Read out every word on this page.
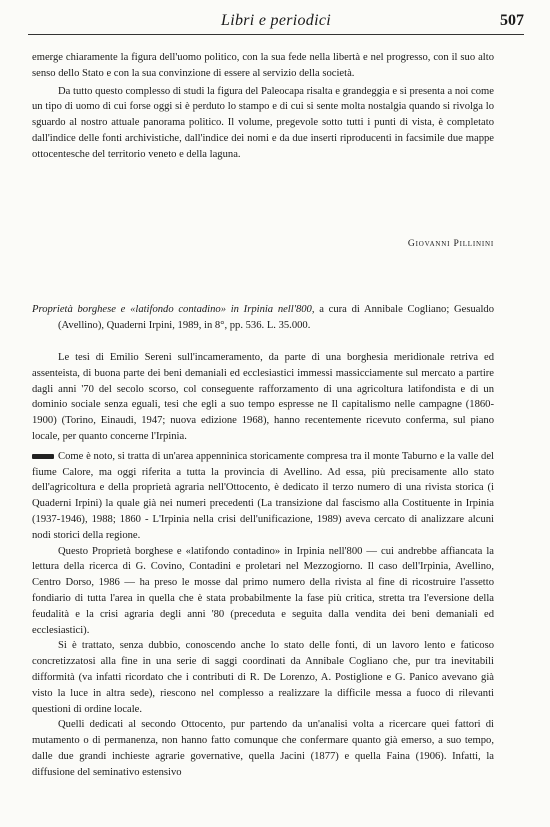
Libri e periodici	507

emerge chiaramente la figura dell'uomo politico, con la sua fede nella libertà e nel progresso, con il suo alto senso dello Stato e con la sua convinzione di essere al servizio della società.

Da tutto questo complesso di studi la figura del Paleocapa risalta e grandeggia e si presenta a noi come un tipo di uomo di cui forse oggi si è perduto lo stampo e di cui si sente molta nostalgia quando si rivolga lo sguardo al nostro attuale panorama politico. Il volume, pregevole sotto tutti i punti di vista, è completato dall'indice delle fonti archivistiche, dall'indice dei nomi e da due inserti riproducenti in facsimile due mappe ottocentesche del territorio veneto e della laguna.

Giovanni Pillinini

Proprietà borghese e «latifondo contadino» in Irpinia nell'800, a cura di Annibale Cogliano; Gesualdo (Avellino), Quaderni Irpini, 1989, in 8°, pp. 536. L. 35.000.

Le tesi di Emilio Sereni sull'incameramento, da parte di una borghesia meridionale retriva ed assenteista, di buona parte dei beni demaniali ed ecclesiastici immessi massicciamente sul mercato a partire dagli anni '70 del secolo scorso, col conseguente rafforzamento di una agricoltura latifondista e di un dominio sociale senza eguali, tesi che egli a suo tempo espresse ne Il capitalismo nelle campagne (1860-1900) (Torino, Einaudi, 1947; nuova edizione 1968), hanno recentemente ricevuto conferma, sul piano locale, per quanto concerne l'Irpinia.

Come è noto, si tratta di un'area appenninica storicamente compresa tra il monte Taburno e la valle del fiume Calore, ma oggi riferita a tutta la provincia di Avellino. Ad essa, più precisamente allo stato dell'agricoltura e della proprietà agraria nell'Ottocento, è dedicato il terzo numero di una rivista storica (i Quaderni Irpini) la quale già nei numeri precedenti (La transizione dal fascismo alla Costituente in Irpinia (1937-1946), 1988; 1860 - L'Irpinia nella crisi dell'unificazione, 1989) aveva cercato di analizzare alcuni nodi storici della regione.

Questo Proprietà borghese e «latifondo contadino» in Irpinia nell'800 — cui andrebbe affiancata la lettura della ricerca di G. Covino, Contadini e proletari nel Mezzogiorno. Il caso dell'Irpinia, Avellino, Centro Dorso, 1986 — ha preso le mosse dal primo numero della rivista al fine di ricostruire l'assetto fondiario di tutta l'area in quella che è stata probabilmente la fase più critica, stretta tra l'eversione della feudalità e la crisi agraria degli anni '80 (preceduta e seguita dalla vendita dei beni demaniali ed ecclesiastici).

Si è trattato, senza dubbio, conoscendo anche lo stato delle fonti, di un lavoro lento e faticoso concretizzatosi alla fine in una serie di saggi coordinati da Annibale Cogliano che, pur tra inevitabili difformità (va infatti ricordato che i contributi di R. De Lorenzo, A. Postiglione e G. Panico avevano già visto la luce in altra sede), riescono nel complesso a realizzare la difficile messa a fuoco di rilevanti questioni di ordine locale.

Quelli dedicati al secondo Ottocento, pur partendo da un'analisi volta a ricercare quei fattori di mutamento o di permanenza, non hanno fatto comunque che confermare quanto già emerso, a suo tempo, dalle due grandi inchieste agrarie governative, quella Jacini (1877) e quella Faina (1906). Infatti, la diffusione del seminativo estensivo
